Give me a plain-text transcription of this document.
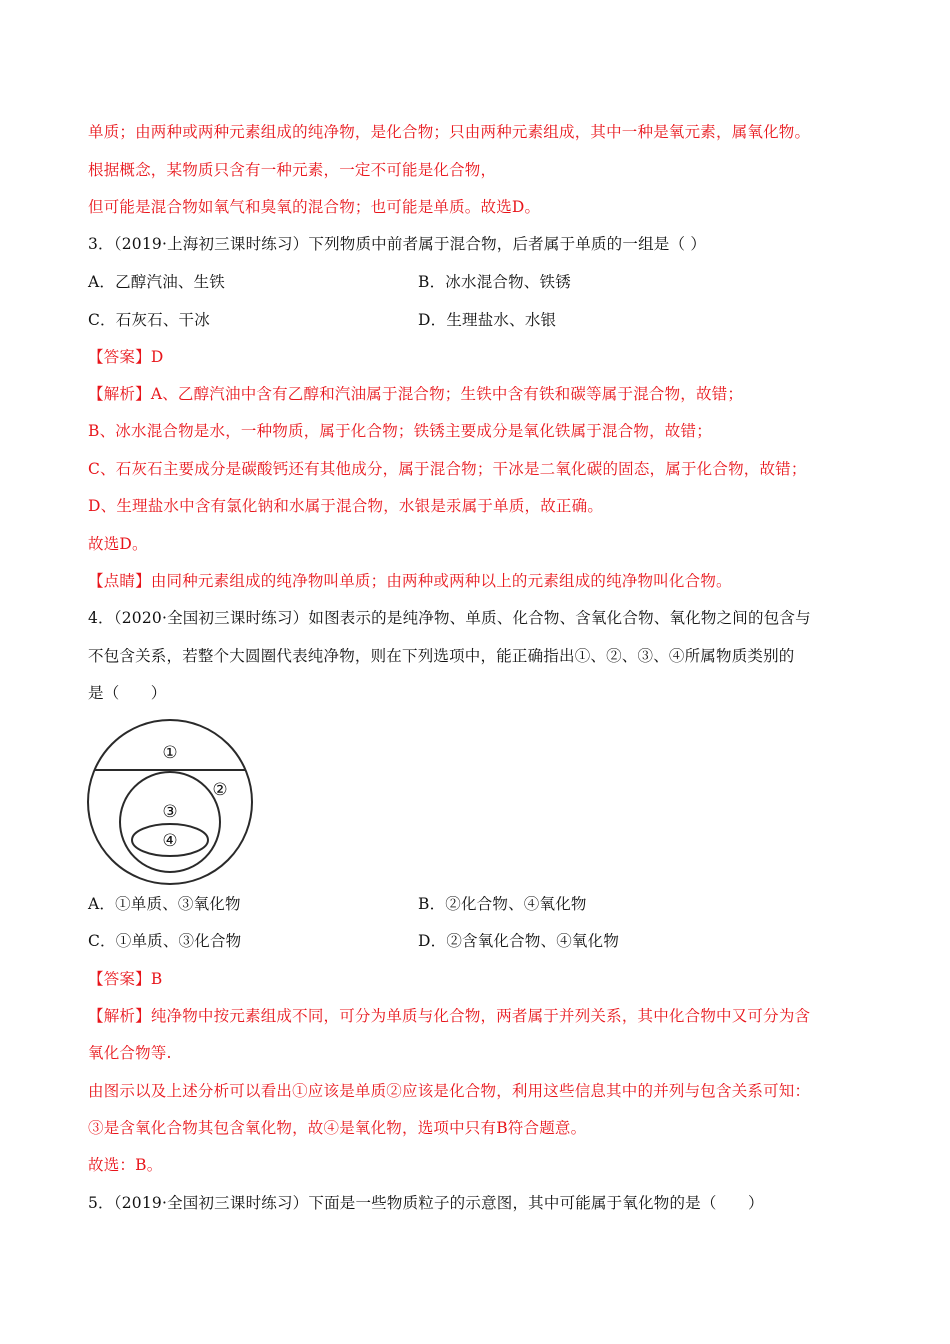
单质；由两种或两种元素组成的纯净物，是化合物；只由两种元素组成，其中一种是氧元素，属氧化物。
根据概念，某物质只含有一种元素，一定不可能是化合物，
但可能是混合物如氧气和臭氧的混合物；也可能是单质。故选D。
3．（2019·上海初三课时练习）下列物质中前者属于混合物，后者属于单质的一组是（ ）
A．乙醇汽油、生铁	B．冰水混合物、铁锈
C．石灰石、干冰	D．生理盐水、水银
【答案】D
【解析】A、乙醇汽油中含有乙醇和汽油属于混合物；生铁中含有铁和碳等属于混合物，故错；
B、冰水混合物是水，一种物质，属于化合物；铁锈主要成分是氧化铁属于混合物，故错；
C、石灰石主要成分是碳酸钙还有其他成分，属于混合物；干冰是二氧化碳的固态，属于化合物，故错；
D、生理盐水中含有氯化钠和水属于混合物，水银是汞属于单质，故正确。
故选D。
【点睛】由同种元素组成的纯净物叫单质；由两种或两种以上的元素组成的纯净物叫化合物。
4．（2020·全国初三课时练习）如图表示的是纯净物、单质、化合物、含氧化合物、氧化物之间的包含与
不包含关系，若整个大圆圈代表纯净物，则在下列选项中，能正确指出①、②、③、④所属物质类别的
是（　　）
①
②
③
④
A．①单质、③氧化物	B．②化合物、④氧化物
C．①单质、③化合物	D．②含氧化合物、④氧化物
【答案】B
【解析】纯净物中按元素组成不同，可分为单质与化合物，两者属于并列关系，其中化合物中又可分为含
氧化合物等.
由图示以及上述分析可以看出①应该是单质②应该是化合物，利用这些信息其中的并列与包含关系可知：
③是含氧化合物其包含氧化物，故④是氧化物，选项中只有B符合题意。
故选：B。
5．（2019·全国初三课时练习）下面是一些物质粒子的示意图，其中可能属于氧化物的是（　　）
